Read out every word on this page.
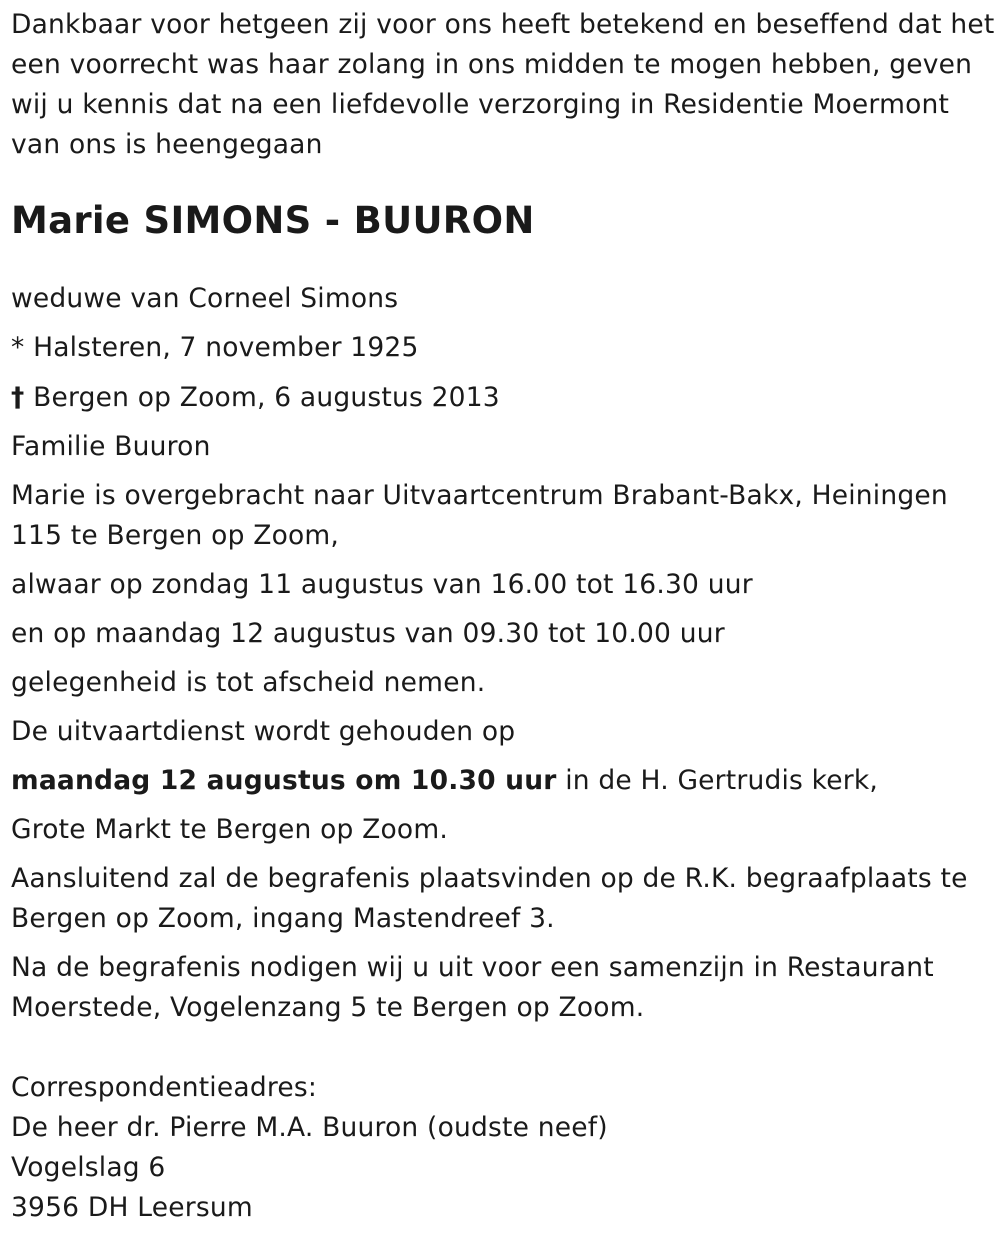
Dankbaar voor hetgeen zij voor ons heeft betekend en beseffend dat het

een voorrecht was haar zolang in ons midden te mogen hebben, geven

wij u kennis dat na een liefdevolle verzorging in Residentie Moermont

van ons is heengegaan

Marie SIMONS - BUURON

weduwe van Corneel Simons

* Halsteren, 7 november 1925

† Bergen op Zoom, 6 augustus 2013

Familie Buuron

Marie is overgebracht naar Uitvaartcentrum Brabant-Bakx, Heiningen

115 te Bergen op Zoom,

alwaar op zondag 11 augustus van 16.00 tot 16.30 uur

en op maandag 12 augustus van 09.30 tot 10.00 uur

gelegenheid is tot afscheid nemen.

De uitvaartdienst wordt gehouden op

maandag 12 augustus om 10.30 uur in de H. Gertrudis kerk,

Grote Markt te Bergen op Zoom.

Aansluitend zal de begrafenis plaatsvinden op de R.K. begraafplaats te

Bergen op Zoom, ingang Mastendreef 3.

Na de begrafenis nodigen wij u uit voor een samenzijn in Restaurant

Moerstede, Vogelenzang 5 te Bergen op Zoom.

Correspondentieadres:

De heer dr. Pierre M.A. Buuron (oudste neef)

Vogelslag 6

3956 DH Leersum
